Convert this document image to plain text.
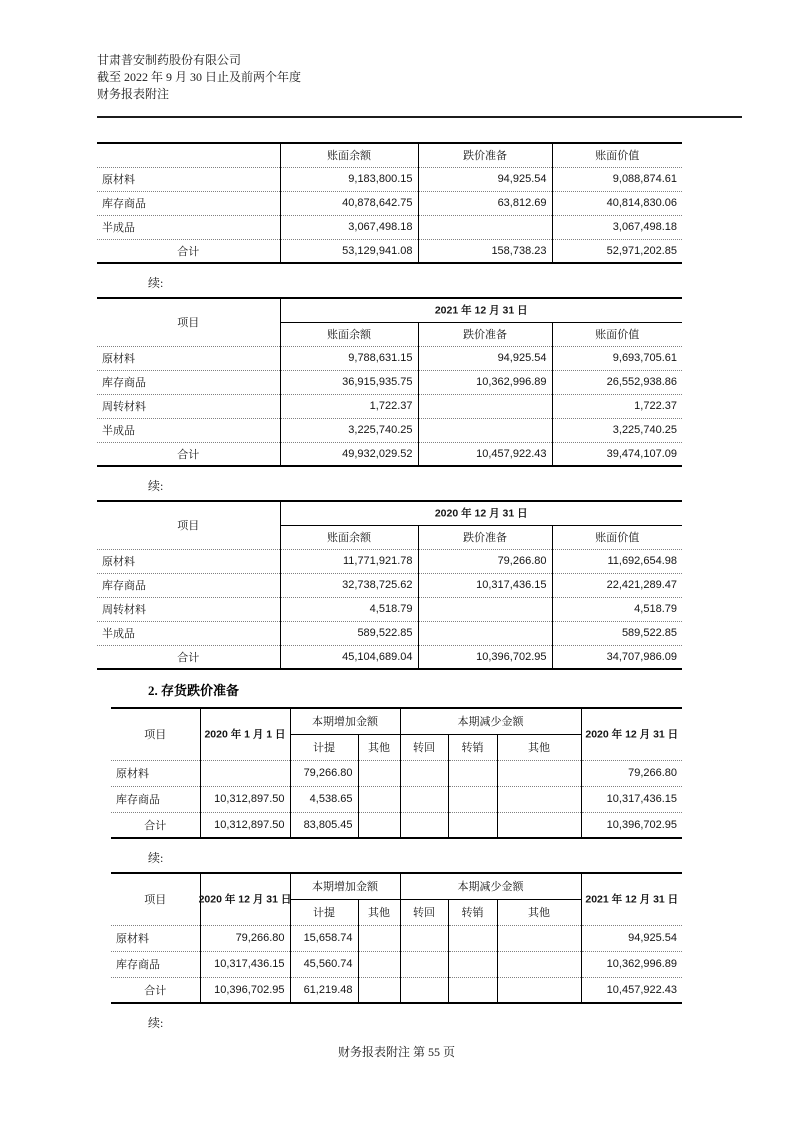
甘肃普安制药股份有限公司
截至 2022 年 9 月 30 日止及前两个年度
财务报表附注
	账面余额	跌价准备	账面价值
原材料	9,183,800.15	94,925.54	9,088,874.61
库存商品	40,878,642.75	63,812.69	40,814,830.06
半成品	3,067,498.18		3,067,498.18
合计	53,129,941.08	158,738.23	52,971,202.85
续:
项目	2021 年 12 月 31 日		

	账面余额	跌价准备	账面价值
原材料	9,788,631.15	94,925.54	9,693,705.61
库存商品	36,915,935.75	10,362,996.89	26,552,938.86
周转材料	1,722.37		1,722.37
半成品	3,225,740.25		3,225,740.25
合计	49,932,029.52	10,457,922.43	39,474,107.09
续:
项目	2020 年 12 月 31 日		

	账面余额	跌价准备	账面价值
原材料	11,771,921.78	79,266.80	11,692,654.98
库存商品	32,738,725.62	10,317,436.15	22,421,289.47
周转材料	4,518.79		4,518.79
半成品	589,522.85		589,522.85
合计	45,104,689.04	10,396,702.95	34,707,986.09
2. 存货跌价准备
项目	2020 年 1 月 1 日	本期增加金额		本期减少金额			2020 年 12 月 31 日

		计提	其他	转回	转销	其他	
原材料		79,266.80					79,266.80
库存商品	10,312,897.50	4,538.65					10,317,436.15
合计	10,312,897.50	83,805.45					10,396,702.95
续:
项目	2020 年 12 月 31 日	本期增加金额		本期减少金额			2021 年 12 月 31 日

		计提	其他	转回	转销	其他	
原材料	79,266.80	15,658.74					94,925.54
库存商品	10,317,436.15	45,560.74					10,362,996.89
合计	10,396,702.95	61,219.48					10,457,922.43
续:
财务报表附注 第 55 页
